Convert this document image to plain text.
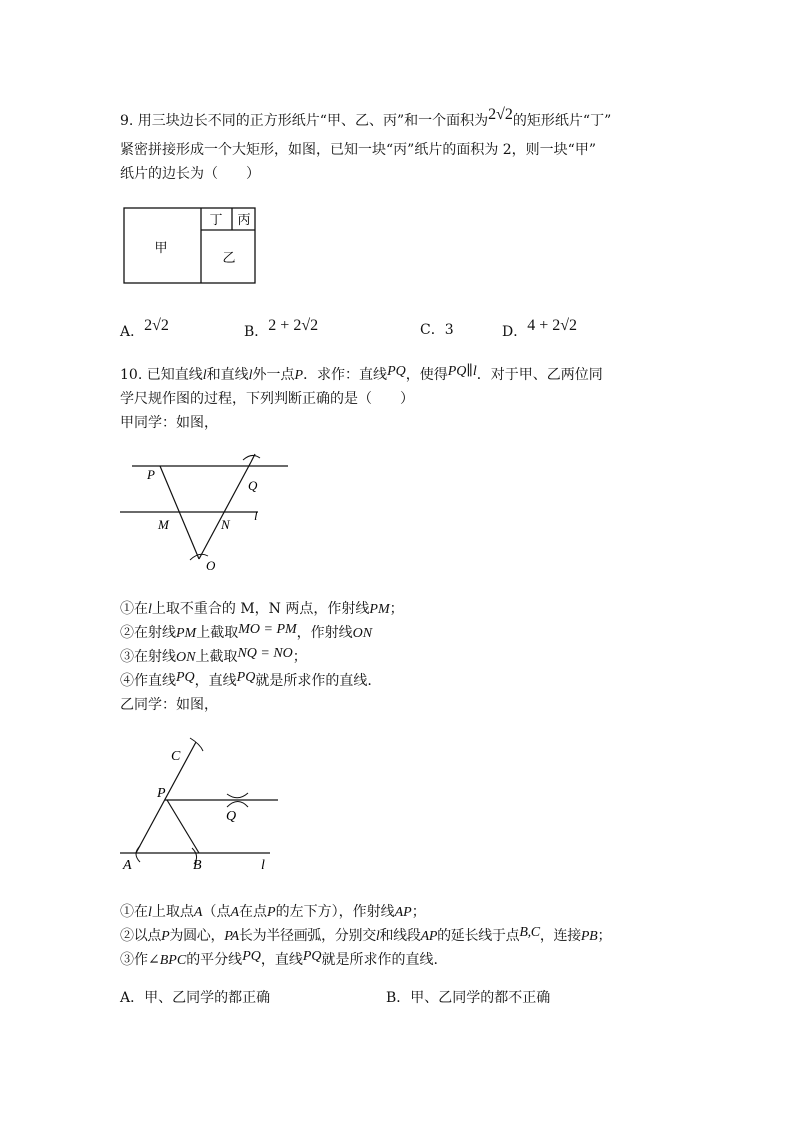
9. 用三块边长不同的正方形纸片“甲、乙、丙”和一个面积为2√2的矩形纸片“丁”
紧密拼接形成一个大矩形，如图，已知一块“丙”纸片的面积为 2，则一块“甲”
纸片的边长为（　　）
甲
丁 丙
乙
A．2√2	B．2 + 2√2	C．3	D．4 + 2√2
10. 已知直线l和直线l外一点P．求作：直线PQ，使得PQ∥l．对于甲、乙两位同
学尺规作图的过程，下列判断正确的是（　　）
甲同学：如图，
P
Q
M	N
O
l
①在l上取不重合的 M，N 两点，作射线PM；
②在射线PM上截取MO = PM，作射线ON
③在射线ON上截取NQ = NO；
④作直线PQ，直线PQ就是所求作的直线.
乙同学：如图，
C
P
Q
A	B	l
①在l上取点A（点A在点P的左下方），作射线AP；
②以点P为圆心，PA长为半径画弧，分别交l和线段AP的延长线于点B,C，连接PB；
③作∠BPC的平分线PQ，直线PQ就是所求作的直线.
A．甲、乙同学的都正确	B．甲、乙同学的都不正确
